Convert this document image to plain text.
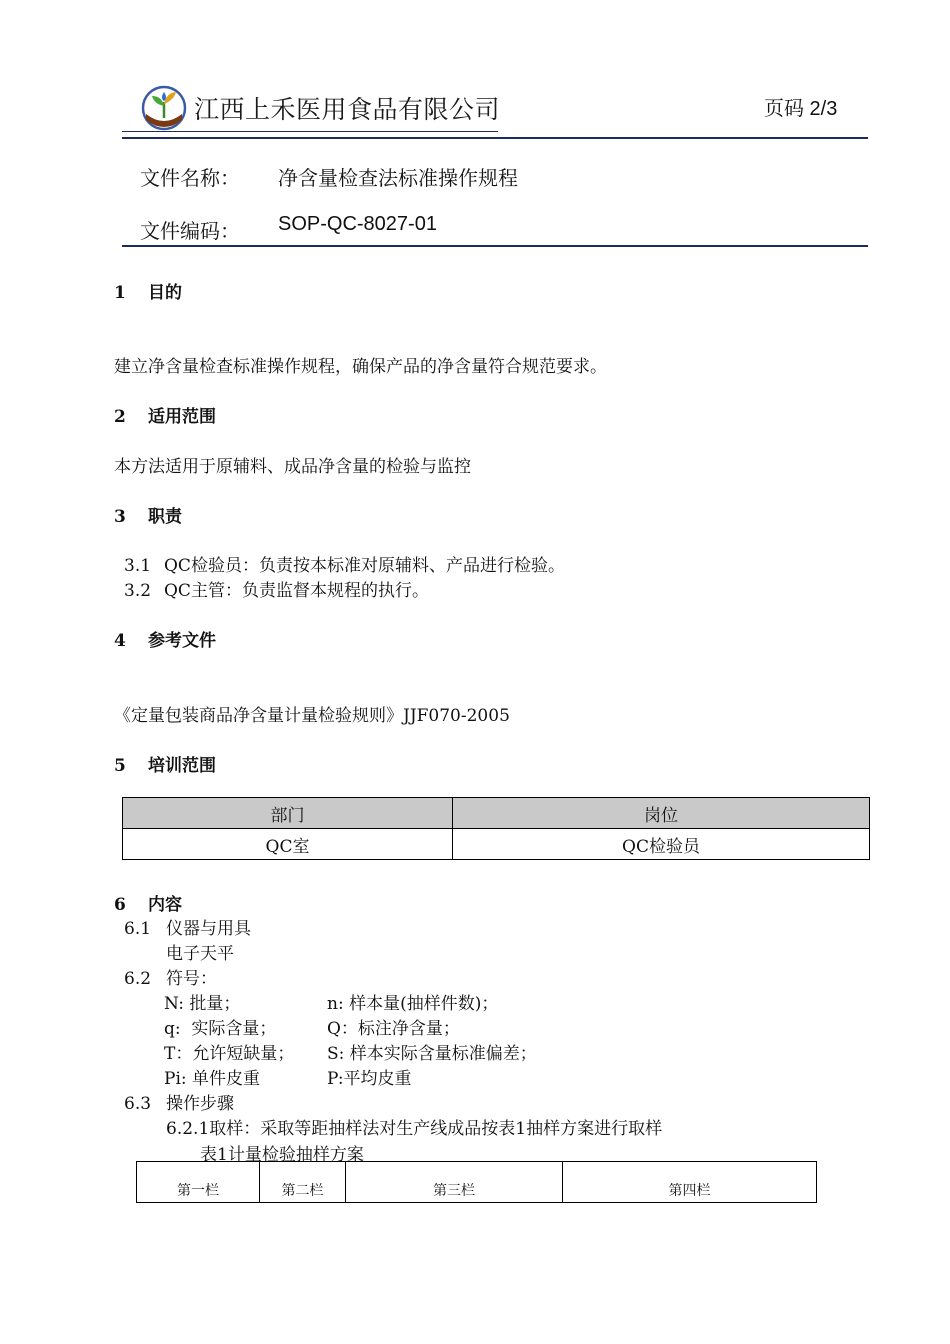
江西上禾医用食品有限公司	页码 2/3
文件名称： 净含量检查法标准操作规程
文件编码： SOP-QC-8027-01
1 目的
建立净含量检查标准操作规程，确保产品的净含量符合规范要求。
2 适用范围
本方法适用于原辅料、成品净含量的检验与监控
3 职责
3.1 QC检验员：负责按本标准对原辅料、产品进行检验。
3.2 QC主管：负责监督本规程的执行。
4 参考文件
《定量包装商品净含量计量检验规则》JJF070-2005
5 培训范围
部门	岗位
QC室	QC检验员
6 内容
6.1 仪器与用具
电子天平
6.2 符号：
N: 批量；	n: 样本量(抽样件数)；
q:  实际含量；	Q：标注净含量；
T：允许短缺量； S: 样本实际含量标准偏差；
Pi: 单件皮重	P:平均皮重
6.3 操作步骤
6.2.1取样：采取等距抽样法对生产线成品按表1抽样方案进行取样
表1计量检验抽样方案
第一栏	第二栏	第三栏	第四栏
